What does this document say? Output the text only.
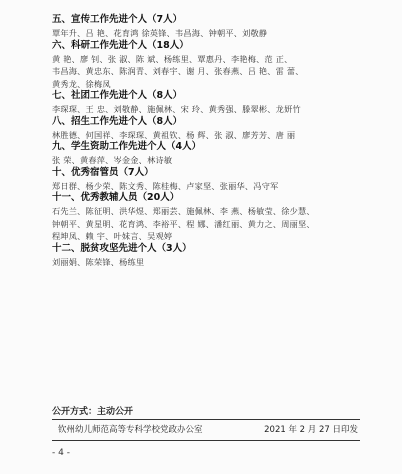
五、宣传工作先进个人（7人）
覃年升、吕 艳、花育鸿 徐英锋、韦昌海、钟朝平、刘敬静
六、科研工作先进个人（18人）
黄 艳、廖 钊、张 淑、陈 斌、杨练里、覃惠丹、李艳梅、范 正、
韦昌海、黄忠东、陈润青、刘春宇、谢 月、张春燕、吕 艳、雷 蕾、
黄秀龙、徐梅凤
七、社团工作先进个人（8人）
李琛琛、王 忠、刘敬静、施佩林、宋 玲、黄秀强、滕翠彬、龙妍竹
八、招生工作先进个人（8人）
林胜德、何国祥、李琛琛、黄祖钦、杨 辉、张 淑、廖芳芳、唐 丽
九、学生资助工作先进个人（4人）
张 荣、黄春萍、岑金金、林诗敏
十、优秀宿管员（7人）
郑日群、杨少荣、陈文秀、陈桂梅、卢家坚、张丽华、冯守军
十一、优秀教辅人员（20人）
石先兰、陈征明、洪华煜、郑丽芸、施佩林、李 燕、杨敏莹、徐少慧、
钟朝平、黄星明、花育鸿、李裕平、程 娜、潘红丽、黄力之、周丽坚、
程坤凤、赖 宇、叶妹言、吴观婷
十二、脱贫攻坚先进个人（3人）
刘丽娟、陈荣锋、杨练里
公开方式：主动公开
钦州幼儿师范高等专科学校党政办公室	2021 年 2 月 27 日印发
- 4 -
